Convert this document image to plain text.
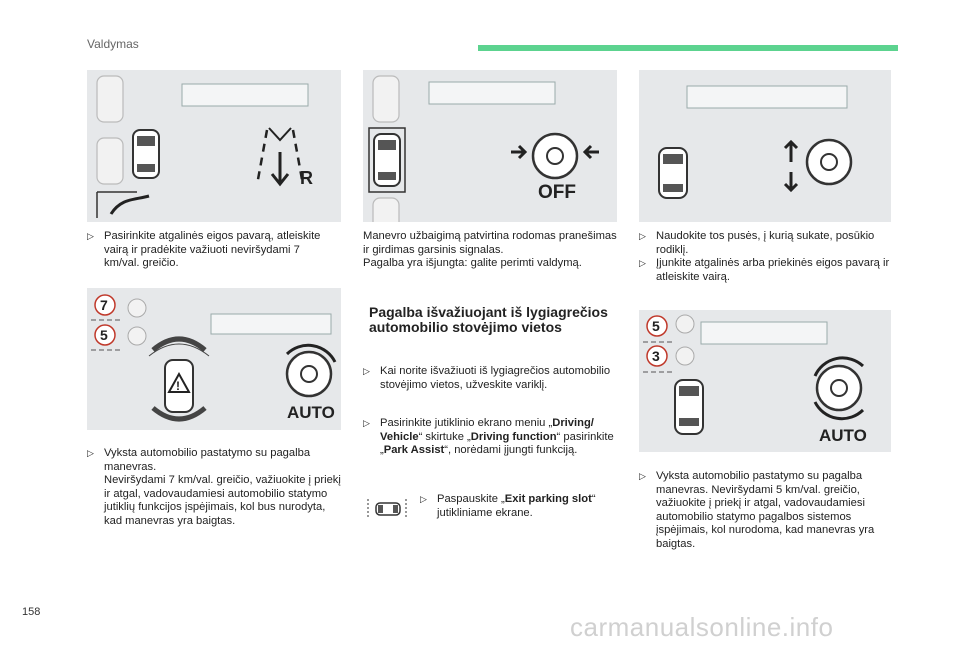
Valdymas
R
OFF
7
5
!
AUTO
5
3
AUTO
▷ Pasirinkite atgalinės eigos pavarą, atleiskite vairą ir pradėkite važiuoti neviršydami 7 km/val. greičio.
▷ Vyksta automobilio pastatymo su pagalba manevras.
Neviršydami 7 km/val. greičio, važiuokite į priekį ir atgal, vadovaudamiesi automobilio statymo jutiklių funkcijos įspėjimais, kol bus nurodyta, kad manevras yra baigtas.
Manevro užbaigimą patvirtina rodomas pranešimas ir girdimas garsinis signalas.
Pagalba yra išjungta: galite perimti valdymą.
Pagalba išvažiuojant iš lygiagrečios automobilio stovėjimo vietos
▷ Kai norite išvažiuoti iš lygiagrečios automobilio stovėjimo vietos, užveskite variklį.
▷ Pasirinkite jutiklinio ekrano meniu „Driving/ Vehicle“ skirtuke „Driving function“ pasirinkite „Park Assist“, norėdami įjungti funkciją.
▷ Paspauskite „Exit parking slot“ jutikliniame ekrane.
▷ Naudokite tos pusės, į kurią sukate, posūkio rodiklį.
▷ Įjunkite atgalinės arba priekinės eigos pavarą ir atleiskite vairą.
▷ Vyksta automobilio pastatymo su pagalba manevras. Neviršydami 5 km/val. greičio, važiuokite į priekį ir atgal, vadovaudamiesi automobilio statymo pagalbos sistemos įspėjimais, kol nurodoma, kad manevras yra baigtas.
158	carmanualsonline.info
